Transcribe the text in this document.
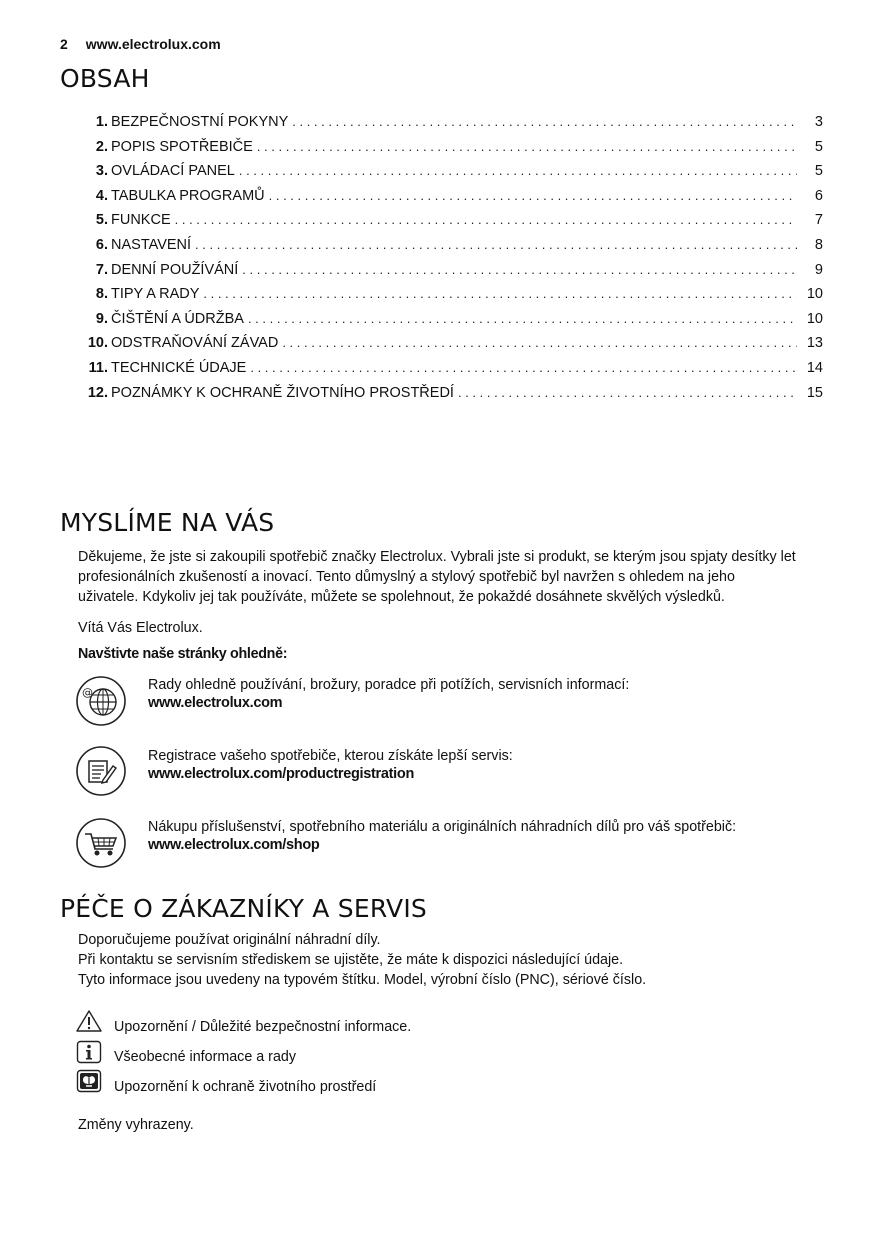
2 www.electrolux.com
OBSAH
1. BEZPEČNOSTNÍ POKYNY . . .	3
2. POPIS SPOTŘEBIČE . . .	5
3. OVLÁDACÍ PANEL . . .	5
4. TABULKA PROGRAMŮ . . .	6
5. FUNKCE . . .	7
6. NASTAVENÍ . . .	8
7. DENNÍ POUŽÍVÁNÍ . . .	9
8. TIPY A RADY . . .	10
9. ČIŠTĚNÍ A ÚDRŽBA . . .	10
10. ODSTRAŇOVÁNÍ ZÁVAD . . .	13
11. TECHNICKÉ ÚDAJE . . .	14
12. POZNÁMKY K OCHRANĚ ŽIVOTNÍHO PROSTŘEDÍ . . .	15
MYSLÍME NA VÁS
Děkujeme, že jste si zakoupili spotřebič značky Electrolux. Vybrali jste si produkt, se kterým jsou spjaty desítky let
profesionálních zkušeností a inovací. Tento důmyslný a stylový spotřebič byl navržen s ohledem na jeho
uživatele. Kdykoliv jej tak používáte, můžete se spolehnout, že pokaždé dosáhnete skvělých výsledků.
Vítá Vás Electrolux.
Navštivte naše stránky ohledně:
@	Rady ohledně používání, brožury, poradce při potížích, servisních informací:
www.electrolux.com
Registrace vašeho spotřebiče, kterou získáte lepší servis:
www.electrolux.com/productregistration
Nákupu příslušenství, spotřebního materiálu a originálních náhradních dílů pro váš spotřebič:
www.electrolux.com/shop
PÉČE O ZÁKAZNÍKY A SERVIS
Doporučujeme používat originální náhradní díly.
Při kontaktu se servisním střediskem se ujistěte, že máte k dispozici následující údaje.
Tyto informace jsou uvedeny na typovém štítku. Model, výrobní číslo (PNC), sériové číslo.
Upozornění / Důležité bezpečnostní informace.
Všeobecné informace a rady
Upozornění k ochraně životního prostředí
Změny vyhrazeny.
